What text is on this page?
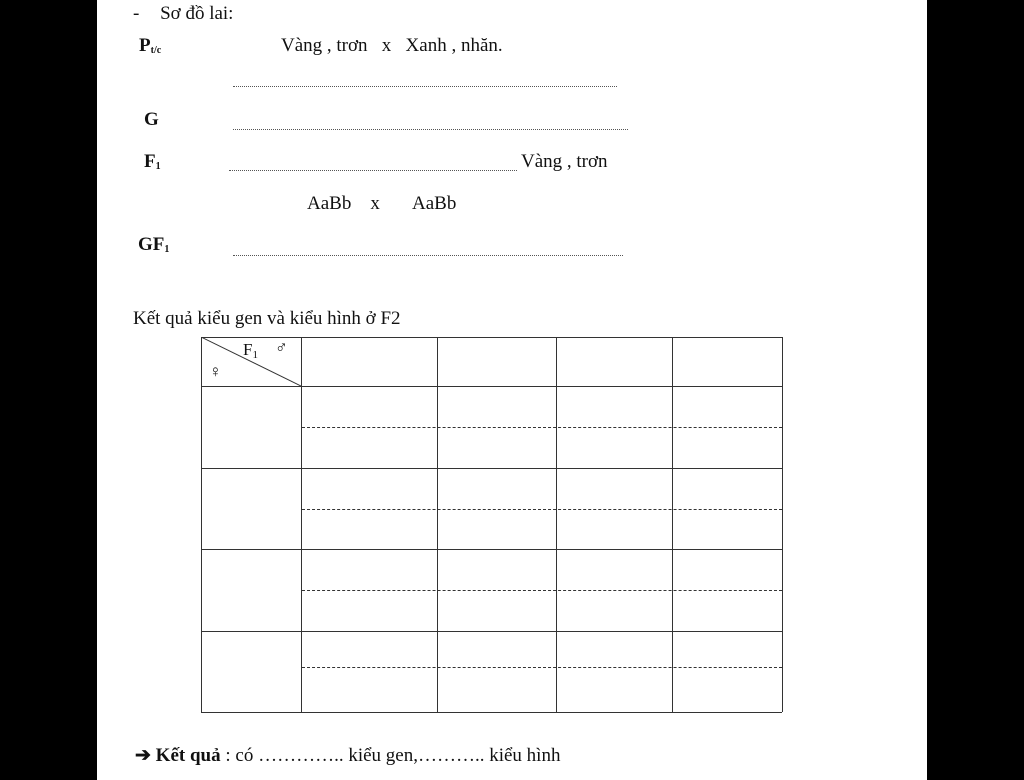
- Sơ đồ lai:
$P_{t/c}$	Vàng , trơn   x   Xanh , nhăn.
G
$F_1$	Vàng , trơn
AaBb    x       AaBb
$GF_1$
Kết quả kiểu gen và kiểu hình ở F2
F1 ♂
♀
➔ Kết quả : có ………….. kiểu gen,……….. kiểu hình
